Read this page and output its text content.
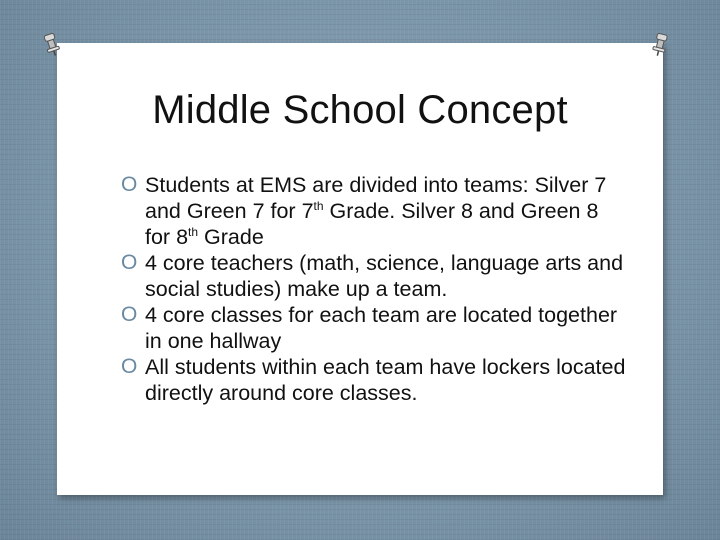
Middle School Concept
O Students at EMS are divided into teams: Silver 7 and Green 7 for 7th Grade. Silver 8 and Green 8 for 8th Grade
O 4 core teachers (math, science, language arts and social studies) make up a team.
O 4 core classes for each team are located together in one hallway
O All students within each team have lockers located directly around core classes.
